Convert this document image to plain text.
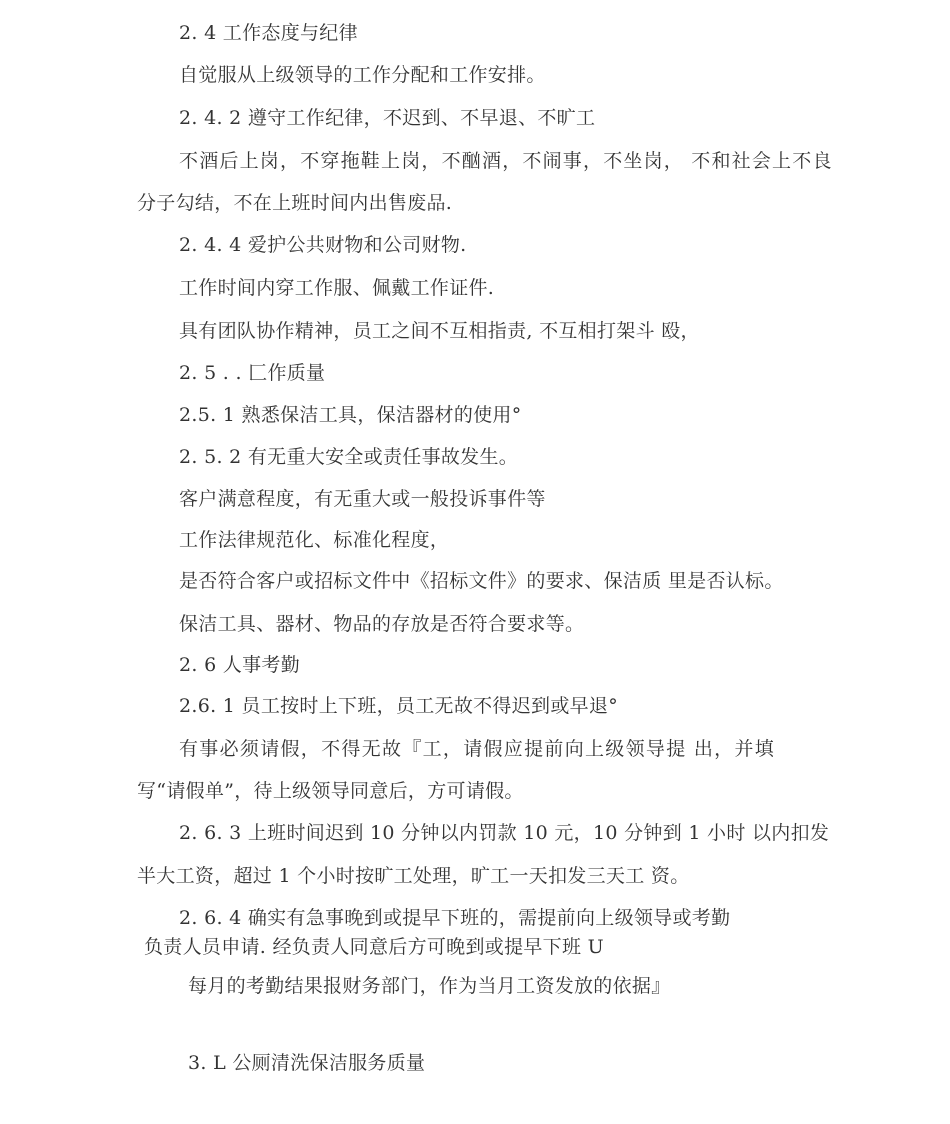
2. 4 工作态度与纪律
自觉服从上级领导的工作分配和工作安排。
2. 4. 2 遵守工作纪律，不迟到、不早退、不旷工
不酒后上岗，不穿拖鞋上岗，不酗酒，不闹事，不坐岗， 不和社会上不良
分子勾结，不在上班时间内出售废品.
2. 4. 4 爱护公共财物和公司财物.
工作时间内穿工作服、佩戴工作证件.
具有团队协作精神，员工之间不互相指责, 不互相打架斗 殴，
2. 5 . . 匚作质量
2.5. 1 熟悉保洁工具，保洁器材的使用°
2. 5. 2 有无重大安全或责任事故发生。
客户满意程度，有无重大或一般投诉事件等
工作法律规范化、标准化程度，
是否符合客户或招标文件中《招标文件》的要求、保洁质 里是否认标。
保洁工具、器材、物品的存放是否符合要求等。
2. 6 人事考勤
2.6. 1 员工按时上下班，员工无故不得迟到或早退°
有事必须请假，不得无故『工，请假应提前向上级领导提 出，并填
写“请假单”，待上级领导同意后，方可请假。
2. 6. 3 上班时间迟到 10 分钟以内罚款 10 元，10 分钟到 1 小时 以内扣发
半大工资，超过 1 个小时按旷工处理，旷工一天扣发三天工 资。
2. 6. 4 确实有急事晚到或提早下班的，需提前向上级领导或考勤
负责人员申请. 经负责人同意后方可晚到或提早下班 U
每月的考勤结果报财务部门，作为当月工资发放的依据』
3. L 公厕清洗保洁服务质量
